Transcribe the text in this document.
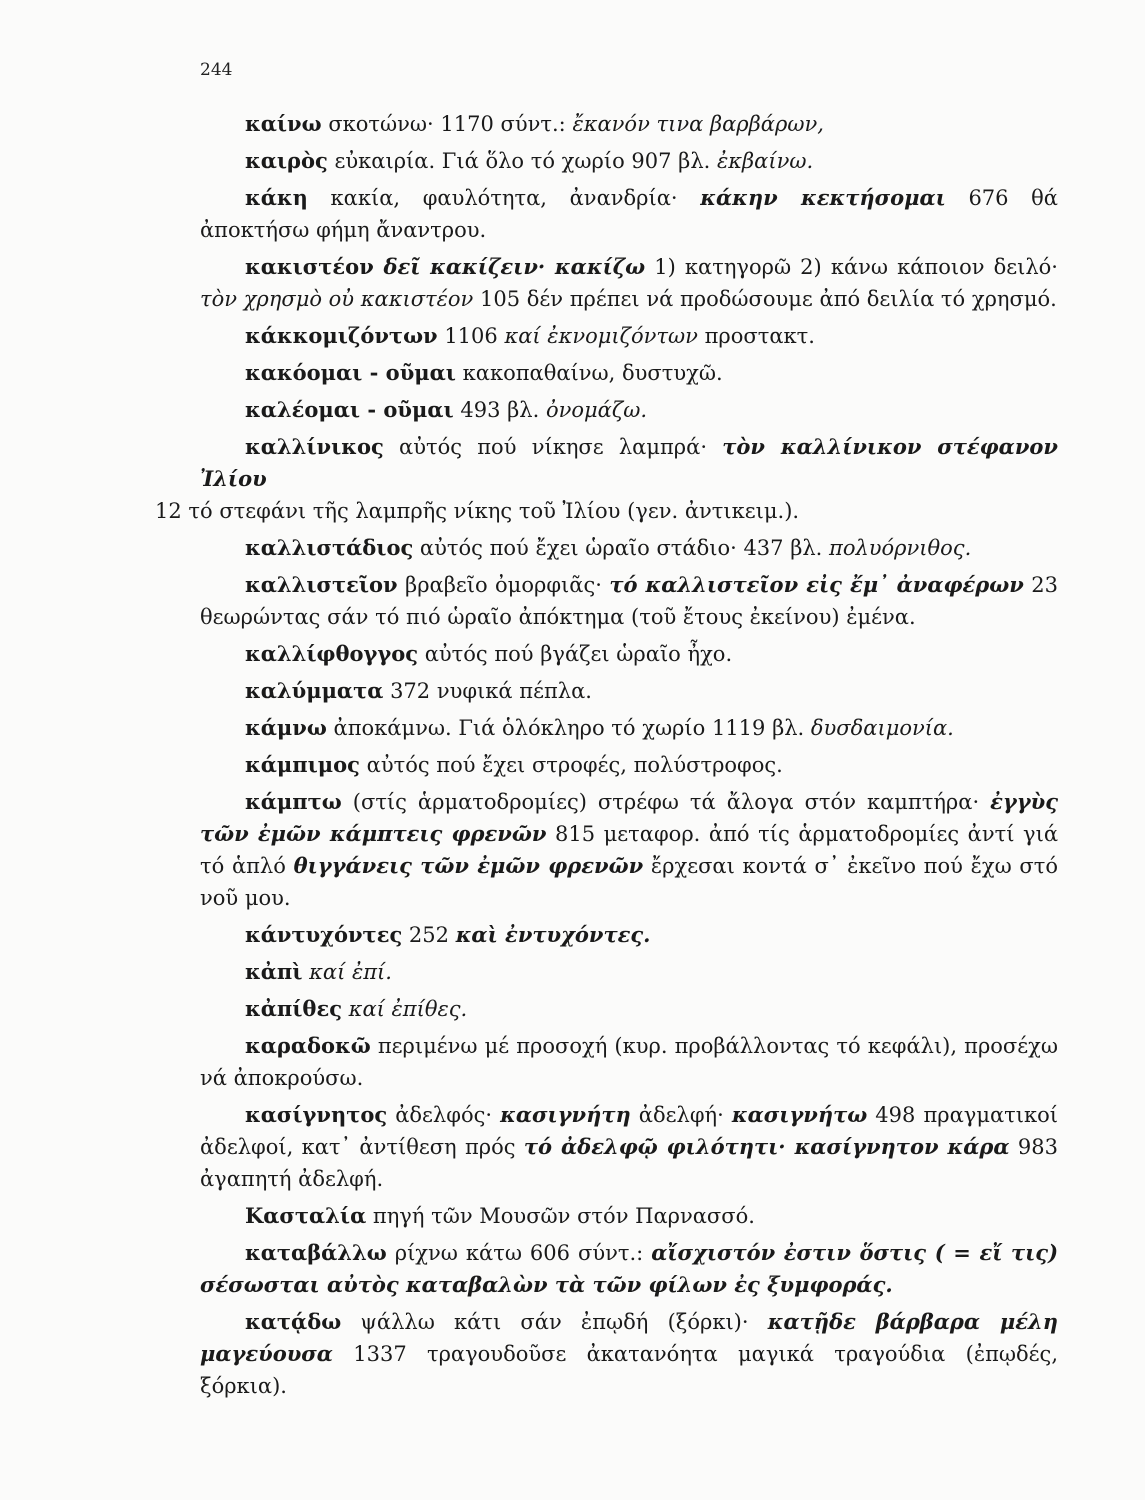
244

καίνω σκοτώνω· 1170 σύντ.: ἔκανόν τινα βαρβάρων,

καιρὸς εὐκαιρία. Γιά ὅλο τό χωρίο 907 βλ. ἐκβαίνω.

κάκη κακία, φαυλότητα, ἀνανδρία· κάκην κεκτήσομαι 676 θά ἀποκτήσω φήμη ἄναντρου.

κακιστέον δεῖ κακίζειν· κακίζω 1) κατηγορῶ 2) κάνω κάποιον δειλό· τὸν χρησμὸ οὐ κακιστέον 105 δέν πρέπει νά προδώσουμε ἀπό δειλία τό χρησμό.

κάκκομιζόντων 1106 καί ἐκνομιζόντων προστακτ.

κακόομαι - οῦμαι κακοπαθαίνω, δυστυχῶ.

καλέομαι - οῦμαι 493 βλ. ὀνομάζω.

καλλίνικος αὐτός πού νίκησε λαμπρά· τὸν καλλίνικον στέφανον Ἰλίου
12 τό στεφάνι τῆς λαμπρῆς νίκης τοῦ Ἰλίου (γεν. ἀντικειμ.).

καλλιστάδιος αὐτός πού ἔχει ὡραῖο στάδιο· 437 βλ. πολυόρνιθος.

καλλιστεῖον βραβεῖο ὀμορφιᾶς· τό καλλιστεῖον εἰς ἔμ᾽ ἀναφέρων 23 θεωρώντας σάν τό πιό ὡραῖο ἀπόκτημα (τοῦ ἔτους ἐκείνου) ἐμένα.

καλλίφθογγος αὐτός πού βγάζει ὡραῖο ἦχο.

καλύμματα 372 νυφικά πέπλα.

κάμνω ἀποκάμνω. Γιά ὁλόκληρο τό χωρίο 1119 βλ. δυσδαιμονία.

κάμπιμος αὐτός πού ἔχει στροφές, πολύστροφος.

κάμπτω (στίς ἁρματοδρομίες) στρέφω τά ἄλογα στόν καμπτήρα· ἐγγὺς τῶν ἐμῶν κάμπτεις φρενῶν 815 μεταφορ. ἀπό τίς ἁρματοδρομίες ἀντί γιά τό ἁπλό θιγγάνεις τῶν ἐμῶν φρενῶν ἔρχεσαι κοντά σ᾽ ἐκεῖνο πού ἔχω στό νοῦ μου.

κάντυχόντες 252 καὶ ἐντυχόντες.

κἀπὶ καί ἐπί.

κἀπίθες καί ἐπίθες.

καραδοκῶ περιμένω μέ προσοχή (κυρ. προβάλλοντας τό κεφάλι), προσέχω νά ἀποκρούσω.

κασίγνητος ἀδελφός· κασιγνήτη ἀδελφή· κασιγνήτω 498 πραγματικοί ἀδελφοί, κατ᾽ ἀντίθεση πρός τό ἀδελφῷ φιλότητι· κασίγνητον κάρα 983 ἀγαπητή ἀδελφή.

Κασταλία πηγή τῶν Μουσῶν στόν Παρνασσό.

καταβάλλω ρίχνω κάτω 606 σύντ.: αἴσχιστόν ἐστιν ὅστις ( = εἴ τις) σέσωσται αὐτὸς καταβαλὼν τὰ τῶν φίλων ἐς ξυμφοράς.

κατᾴδω ψάλλω κάτι σάν ἐπῳδή (ξόρκι)· κατῇδε βάρβαρα μέλη μαγεύουσα 1337 τραγουδοῦσε ἀκατανόητα μαγικά τραγούδια (ἐπῳδές, ξόρκια).
